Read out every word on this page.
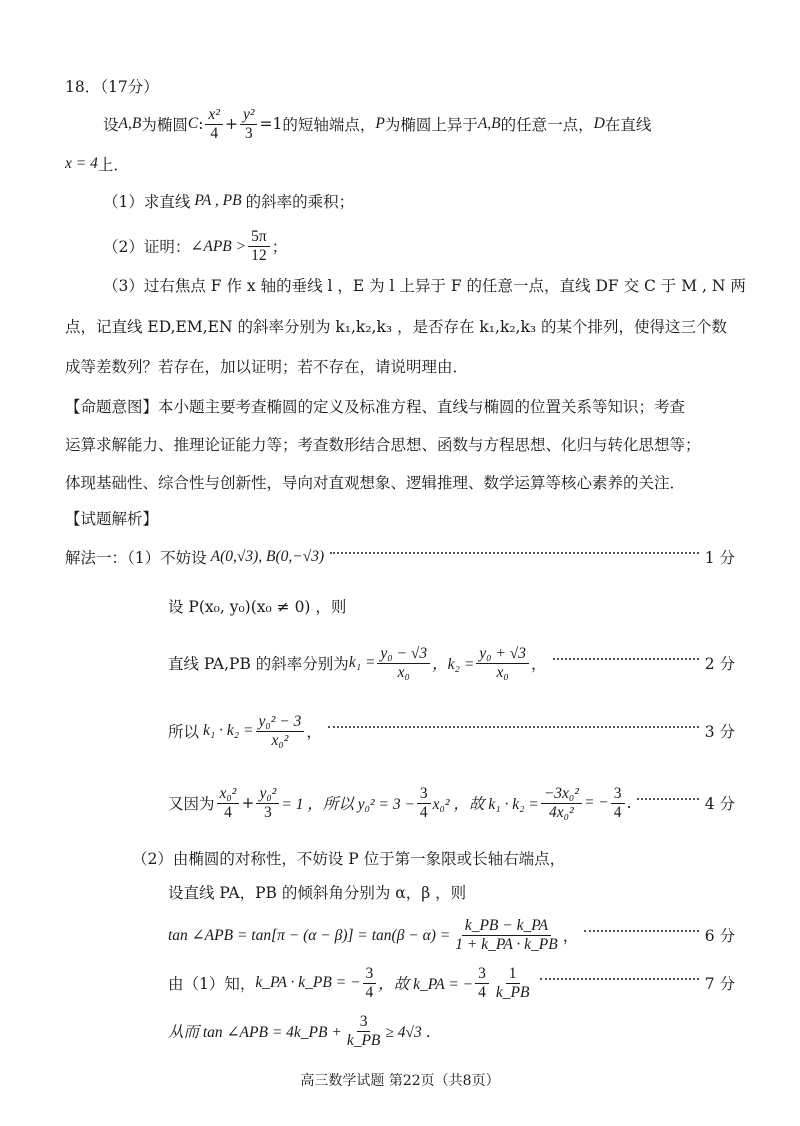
18．（17分）
设 A,B 为椭圆 C : $\frac{\text{x²}}{4} + \frac{\text{y²}}{3} =1$ 的短轴端点， P 为椭圆上异于 A,B 的任意一点， D 在直线
x = 4 上．
（1）求直线 PA , PB 的斜率的乘积；
（2）证明： ∠APB > $\frac{5\pi}{12}$ ；
（3）过右焦点 F 作 x 轴的垂线 l ，E 为 l 上异于 F 的任意一点，直线 DF 交 C 于 M , N 两
点，记直线 ED,EM,EN 的斜率分别为 k₁,k₂,k₃ ，是否存在 k₁,k₂,k₃ 的某个排列，使得这三个数
成等差数列？若存在，加以证明；若不存在，请说明理由．
【命题意图】本小题主要考查椭圆的定义及标准方程、直线与椭圆的位置关系等知识；考查
运算求解能力、推理论证能力等；考查数形结合思想、函数与方程思想、化归与转化思想等；
体现基础性、综合性与创新性，导向对直观想象、逻辑推理、数学运算等核心素养的关注．
【试题解析】
解法一：（1）不妨设 A(0,√3), B(0,−√3)	1 分
设 P(x₀, y₀)(x₀ ≠ 0) ，则
直线 PA,PB 的斜率分别为 $k_1 = \frac{\text{y₀ − √3}}{\text{x₀}}$ ，$k_2 = \frac{\text{y₀ + √3}}{\text{x₀}}$ ，	2 分
所以 $k_1 \cdot k_2 = \frac{\text{y₀² − 3}}{\text{x₀²}}$ ，	3 分
又因为 $\frac{\text{x₀²}}{4} + \frac{\text{y₀²}}{3} = 1$ ，所以 $y_0^2 = 3 - \frac{3}{4} x_0^2$ ，故 $k_1 \cdot k_2 = \frac{\text{−3x₀²}}{\text{4x₀²}}$ = − $\frac{3}{4}$ .	4 分
（2）由椭圆的对称性，不妨设 P 位于第一象限或长轴右端点，
设直线 PA，PB 的倾斜角分别为 α，β ，则
tan ∠APB = $\tan[\pi - (\alpha - \beta)] = \tan(\beta - \alpha) = \frac{k\_PB - k\_PA}{1 + k\_PA \cdot k\_PB}$ ，	6 分
由（1）知， k_PA · k_PB = − $\frac{3}{4}$ ，故 k_PA = − $\frac{3}{4} \frac{1}{k\_PB}$	7 分
从而 tan ∠APB = 4k_PB + $\frac{3}{k\_PB} \ge 4√3$ ．
高三数学试题 第22页（共8页）
